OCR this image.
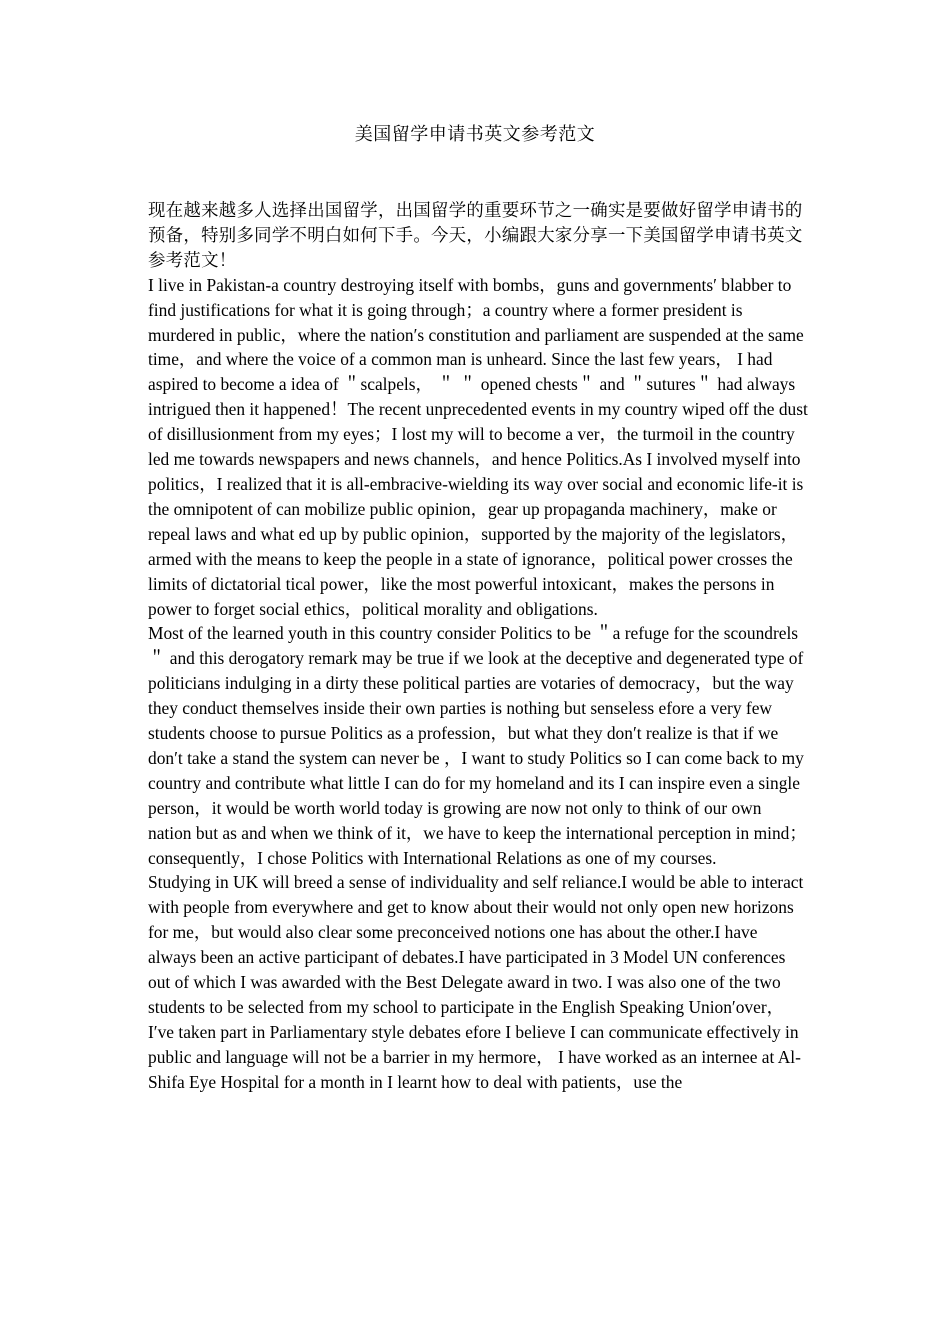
美国留学申请书英文参考范文

现在越来越多人选择出国留学，出国留学的重要环节之一确实是要做好留学申请书的预备，特别多同学不明白如何下手。今天，小编跟大家分享一下美国留学申请书英文参考范文！

I live in Pakistan-a country destroying itself with bombs，guns and governments′ blabber to find justifications for what it is going through；a country where a former president is murdered in public，where the nation′s constitution and parliament are suspended at the same time，and where the voice of a common man is unheard. Since the last few years， I had aspired to become a idea of ＂scalpels， ＂ ＂ opened chests＂ and ＂sutures＂ had always intrigued then it happened！The recent unprecedented events in my country wiped off the dust of disillusionment from my eyes；I lost my will to become a ver，the turmoil in the country led me towards newspapers and news channels，and hence Politics.As I involved myself into politics，I realized that it is all-embracive-wielding its way over social and economic life-it is the omnipotent of can mobilize public opinion，gear up propaganda machinery，make or repeal laws and what ed up by public opinion，supported by the majority of the legislators，armed with the means to keep the people in a state of ignorance，political power crosses the limits of dictatorial tical power，like the most powerful intoxicant，makes the persons in power to forget social ethics，political morality and obligations.

Most of the learned youth in this country consider Politics to be ＂a refuge for the scoundrels＂ and this derogatory remark may be true if we look at the deceptive and degenerated type of politicians indulging in a dirty these political parties are votaries of democracy，but the way they conduct themselves inside their own parties is nothing but senseless efore a very few students choose to pursue Politics as a profession，but what they don′t realize is that if we don′t take a stand the system can never be ，I want to study Politics so I can come back to my country and contribute what little I can do for my homeland and its I can inspire even a single person，it would be worth world today is growing are now not only to think of our own nation but as and when we think of it，we have to keep the international perception in mind；consequently，I chose Politics with International Relations as one of my courses.

Studying in UK will breed a sense of individuality and self reliance.I would be able to interact with people from everywhere and get to know about their would not only open new horizons for me，but would also clear some preconceived notions one has about the other.I have always been an active participant of debates.I have participated in 3 Model UN conferences out of which I was awarded with the Best Delegate award in two. I was also one of the two students to be selected from my school to participate in the English Speaking Union′over， I′ve taken part in Parliamentary style debates efore I believe I can communicate effectively in public and language will not be a barrier in my hermore， I have worked as an internee at Al-Shifa Eye Hospital for a month in I learnt how to deal with patients，use the
